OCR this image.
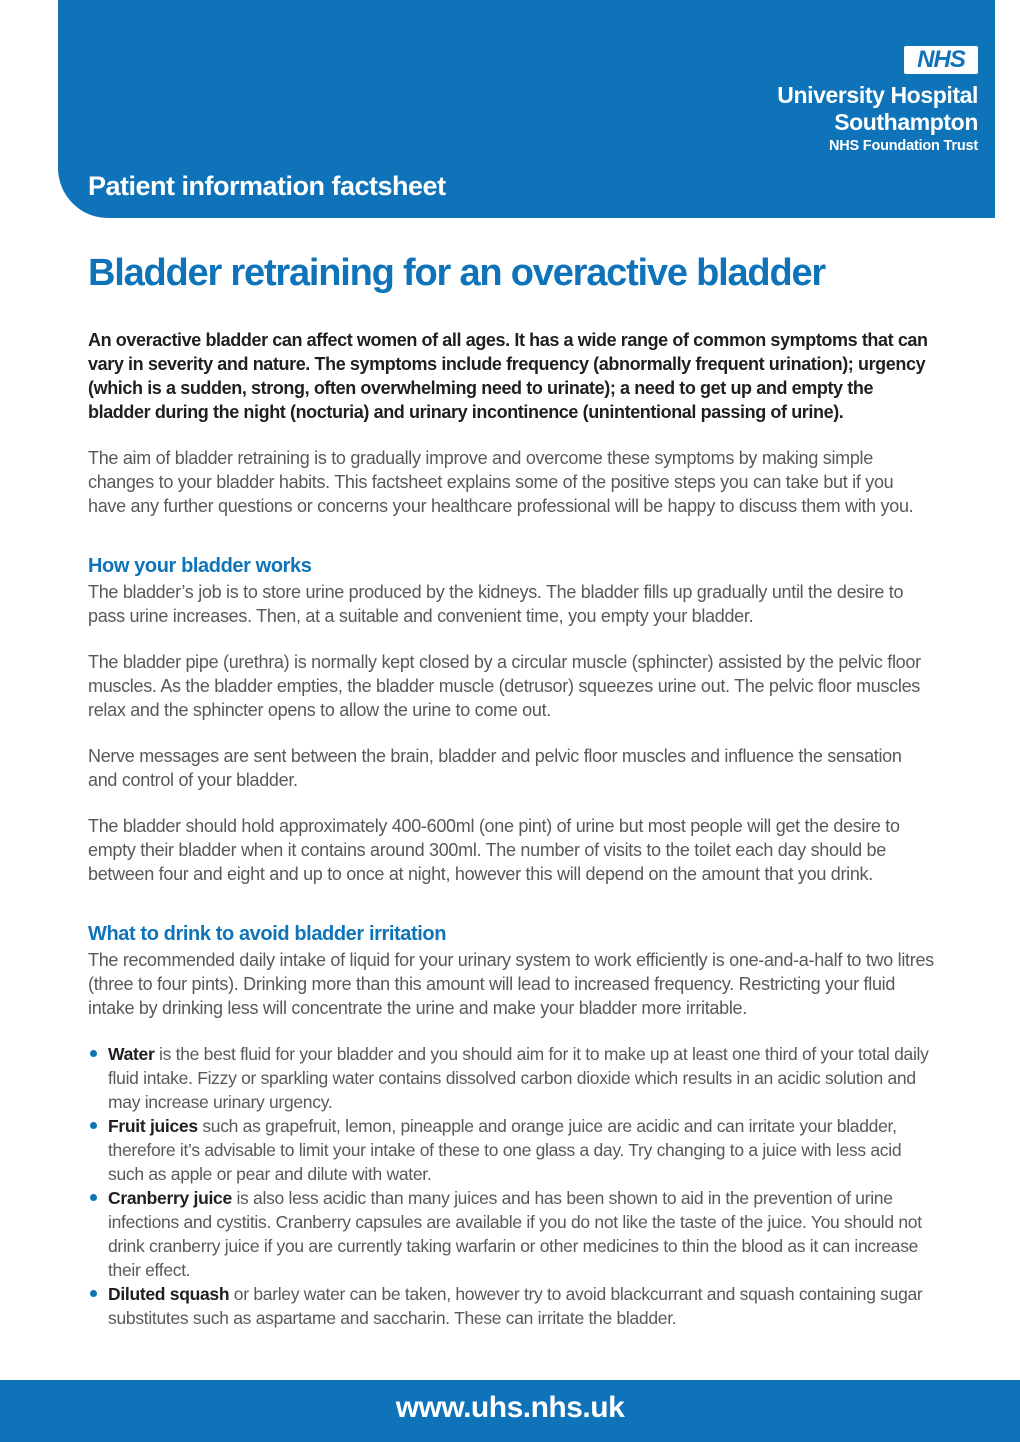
Patient information factsheet
NHS
University Hospital
Southampton
NHS Foundation Trust
Bladder retraining for an overactive bladder

An overactive bladder can affect women of all ages. It has a wide range of common symptoms that can vary in severity and nature. The symptoms include frequency (abnormally frequent urination); urgency (which is a sudden, strong, often overwhelming need to urinate); a need to get up and empty the bladder during the night (nocturia) and urinary incontinence (unintentional passing of urine).

The aim of bladder retraining is to gradually improve and overcome these symptoms by making simple changes to your bladder habits. This factsheet explains some of the positive steps you can take but if you have any further questions or concerns your healthcare professional will be happy to discuss them with you.

How your bladder works

The bladder’s job is to store urine produced by the kidneys. The bladder fills up gradually until the desire to pass urine increases. Then, at a suitable and convenient time, you empty your bladder.

The bladder pipe (urethra) is normally kept closed by a circular muscle (sphincter) assisted by the pelvic floor muscles. As the bladder empties, the bladder muscle (detrusor) squeezes urine out. The pelvic floor muscles relax and the sphincter opens to allow the urine to come out.

Nerve messages are sent between the brain, bladder and pelvic floor muscles and influence the sensation and control of your bladder.

The bladder should hold approximately 400-600ml (one pint) of urine but most people will get the desire to empty their bladder when it contains around 300ml. The number of visits to the toilet each day should be between four and eight and up to once at night, however this will depend on the amount that you drink.

What to drink to avoid bladder irritation

The recommended daily intake of liquid for your urinary system to work efficiently is one-and-a-half to two litres (three to four pints). Drinking more than this amount will lead to increased frequency. Restricting your fluid intake by drinking less will concentrate the urine and make your bladder more irritable.

Water is the best fluid for your bladder and you should aim for it to make up at least one third of your total daily fluid intake. Fizzy or sparkling water contains dissolved carbon dioxide which results in an acidic solution and may increase urinary urgency.
Fruit juices such as grapefruit, lemon, pineapple and orange juice are acidic and can irritate your bladder, therefore it’s advisable to limit your intake of these to one glass a day. Try changing to a juice with less acid such as apple or pear and dilute with water.
Cranberry juice is also less acidic than many juices and has been shown to aid in the prevention of urine infections and cystitis. Cranberry capsules are available if you do not like the taste of the juice. You should not drink cranberry juice if you are currently taking warfarin or other medicines to thin the blood as it can increase their effect.
Diluted squash or barley water can be taken, however try to avoid blackcurrant and squash containing sugar substitutes such as aspartame and saccharin. These can irritate the bladder.
www.uhs.nhs.uk
